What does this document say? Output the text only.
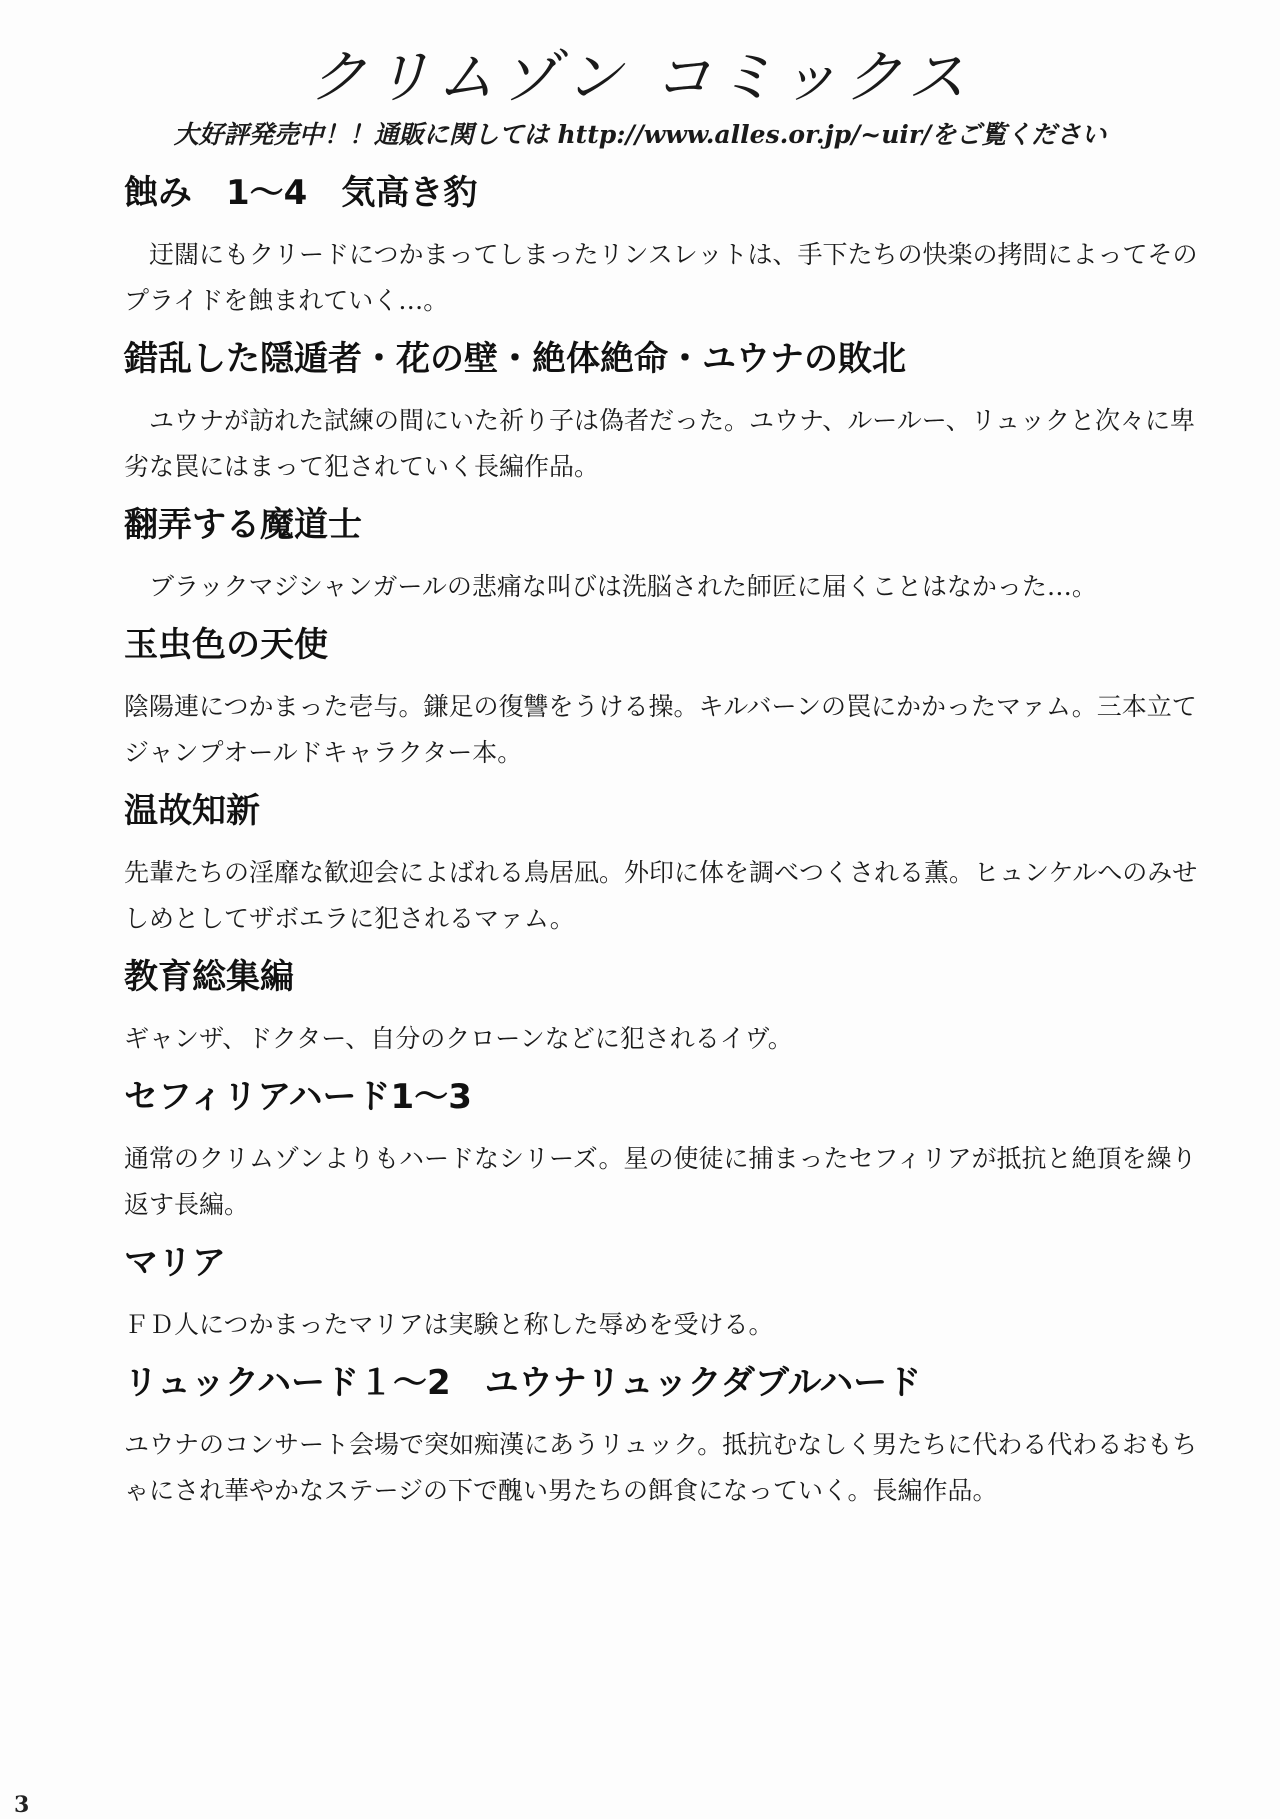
クリムゾン コミックス
大好評発売中！！通販に関しては http://www.alles.or.jp/~uir/をご覧ください
蝕み　1〜4　気高き豹

迂闊にもクリードにつかまってしまったリンスレットは、手下たちの快楽の拷問によってそのプライドを蝕まれていく…。

錯乱した隠遁者・花の壁・絶体絶命・ユウナの敗北

ユウナが訪れた試練の間にいた祈り子は偽者だった。ユウナ、ルールー、リュックと次々に卑劣な罠にはまって犯されていく長編作品。

翻弄する魔道士

ブラックマジシャンガールの悲痛な叫びは洗脳された師匠に届くことはなかった…。

玉虫色の天使

陰陽連につかまった壱与。鎌足の復讐をうける操。キルバーンの罠にかかったマァム。三本立てジャンプオールドキャラクター本。

温故知新

先輩たちの淫靡な歓迎会によばれる鳥居凪。外印に体を調べつくされる薫。ヒュンケルへのみせしめとしてザボエラに犯されるマァム。

教育総集編

ギャンザ、ドクター、自分のクローンなどに犯されるイヴ。

セフィリアハード1〜3

通常のクリムゾンよりもハードなシリーズ。星の使徒に捕まったセフィリアが抵抗と絶頂を繰り返す長編。

マリア

ＦＤ人につかまったマリアは実験と称した辱めを受ける。

リュックハード１〜2　ユウナリュックダブルハード

ユウナのコンサート会場で突如痴漢にあうリュック。抵抗むなしく男たちに代わる代わるおもちゃにされ華やかなステージの下で醜い男たちの餌食になっていく。長編作品。

3
